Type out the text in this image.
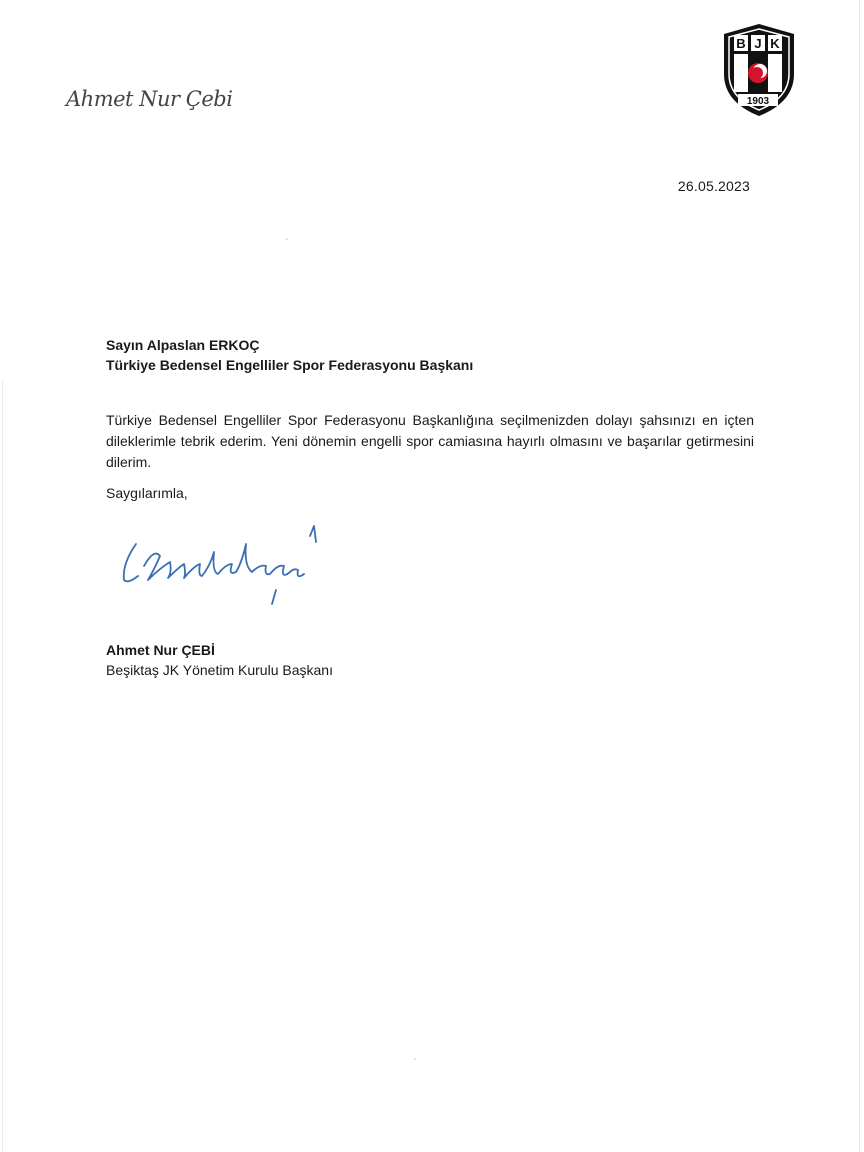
Ahmet Nur Çebi
B J K
1903
26.05.2023
Sayın Alpaslan ERKOÇ
Türkiye Bedensel Engelliler Spor Federasyonu Başkanı
Türkiye Bedensel Engelliler Spor Federasyonu Başkanlığına seçilmenizden dolayı şahsınızı en içten dileklerimle tebrik ederim. Yeni dönemin engelli spor camiasına hayırlı olmasını ve başarılar getirmesini dilerim.
Saygılarımla,
Ahmet Nur ÇEBİ
Beşiktaş JK Yönetim Kurulu Başkanı
